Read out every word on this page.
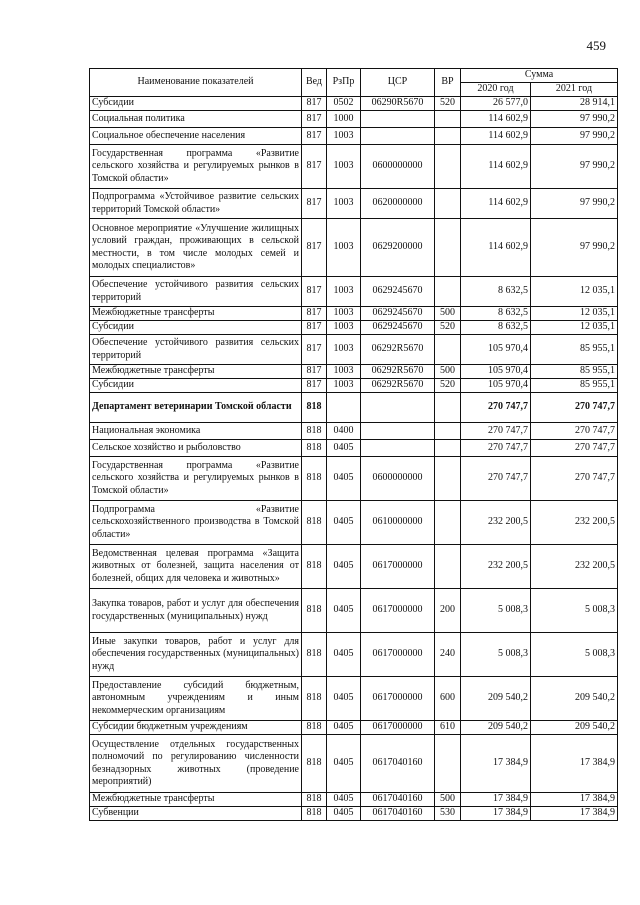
459
Наименование показателей	Вед	РзПр	ЦСР	ВР	Сумма	
					2020 год	2021 год
Субсидии	817	0502	06290R5670	520	26 577,0	28 914,1
Социальная политика	817	1000			114 602,9	97 990,2
Социальное обеспечение населения	817	1003			114 602,9	97 990,2
Государственная программа «Развитие сельского хозяйства и регулируемых рынков в Томской области»	817	1003	0600000000		114 602,9	97 990,2
Подпрограмма «Устойчивое развитие сельских территорий Томской области»	817	1003	0620000000		114 602,9	97 990,2
Основное мероприятие «Улучшение жилищных условий граждан, проживающих в сельской местности, в том числе молодых семей и молодых специалистов»	817	1003	0629200000		114 602,9	97 990,2
Обеспечение устойчивого развития сельских территорий	817	1003	0629245670		8 632,5	12 035,1
Межбюджетные трансферты	817	1003	0629245670	500	8 632,5	12 035,1
Субсидии	817	1003	0629245670	520	8 632,5	12 035,1
Обеспечение устойчивого развития сельских территорий	817	1003	06292R5670		105 970,4	85 955,1
Межбюджетные трансферты	817	1003	06292R5670	500	105 970,4	85 955,1
Субсидии	817	1003	06292R5670	520	105 970,4	85 955,1
Департамент ветеринарии Томской области	818				270 747,7	270 747,7
Национальная экономика	818	0400			270 747,7	270 747,7
Сельское хозяйство и рыболовство	818	0405			270 747,7	270 747,7
Государственная программа «Развитие сельского хозяйства и регулируемых рынков в Томской области»	818	0405	0600000000		270 747,7	270 747,7
Подпрограмма «Развитие сельскохозяйственного производства в Томской области»	818	0405	0610000000		232 200,5	232 200,5
Ведомственная целевая программа «Защита животных от болезней, защита населения от болезней, общих для человека и животных»	818	0405	0617000000		232 200,5	232 200,5
Закупка товаров, работ и услуг для обеспечения государственных (муниципальных) нужд	818	0405	0617000000	200	5 008,3	5 008,3
Иные закупки товаров, работ и услуг для обеспечения государственных (муниципальных) нужд	818	0405	0617000000	240	5 008,3	5 008,3
Предоставление субсидий бюджетным, автономным учреждениям и иным некоммерческим организациям	818	0405	0617000000	600	209 540,2	209 540,2
Субсидии бюджетным учреждениям	818	0405	0617000000	610	209 540,2	209 540,2
Осуществление отдельных государственных полномочий по регулированию численности безнадзорных животных (проведение мероприятий)	818	0405	0617040160		17 384,9	17 384,9
Межбюджетные трансферты	818	0405	0617040160	500	17 384,9	17 384,9
Субвенции	818	0405	0617040160	530	17 384,9	17 384,9
